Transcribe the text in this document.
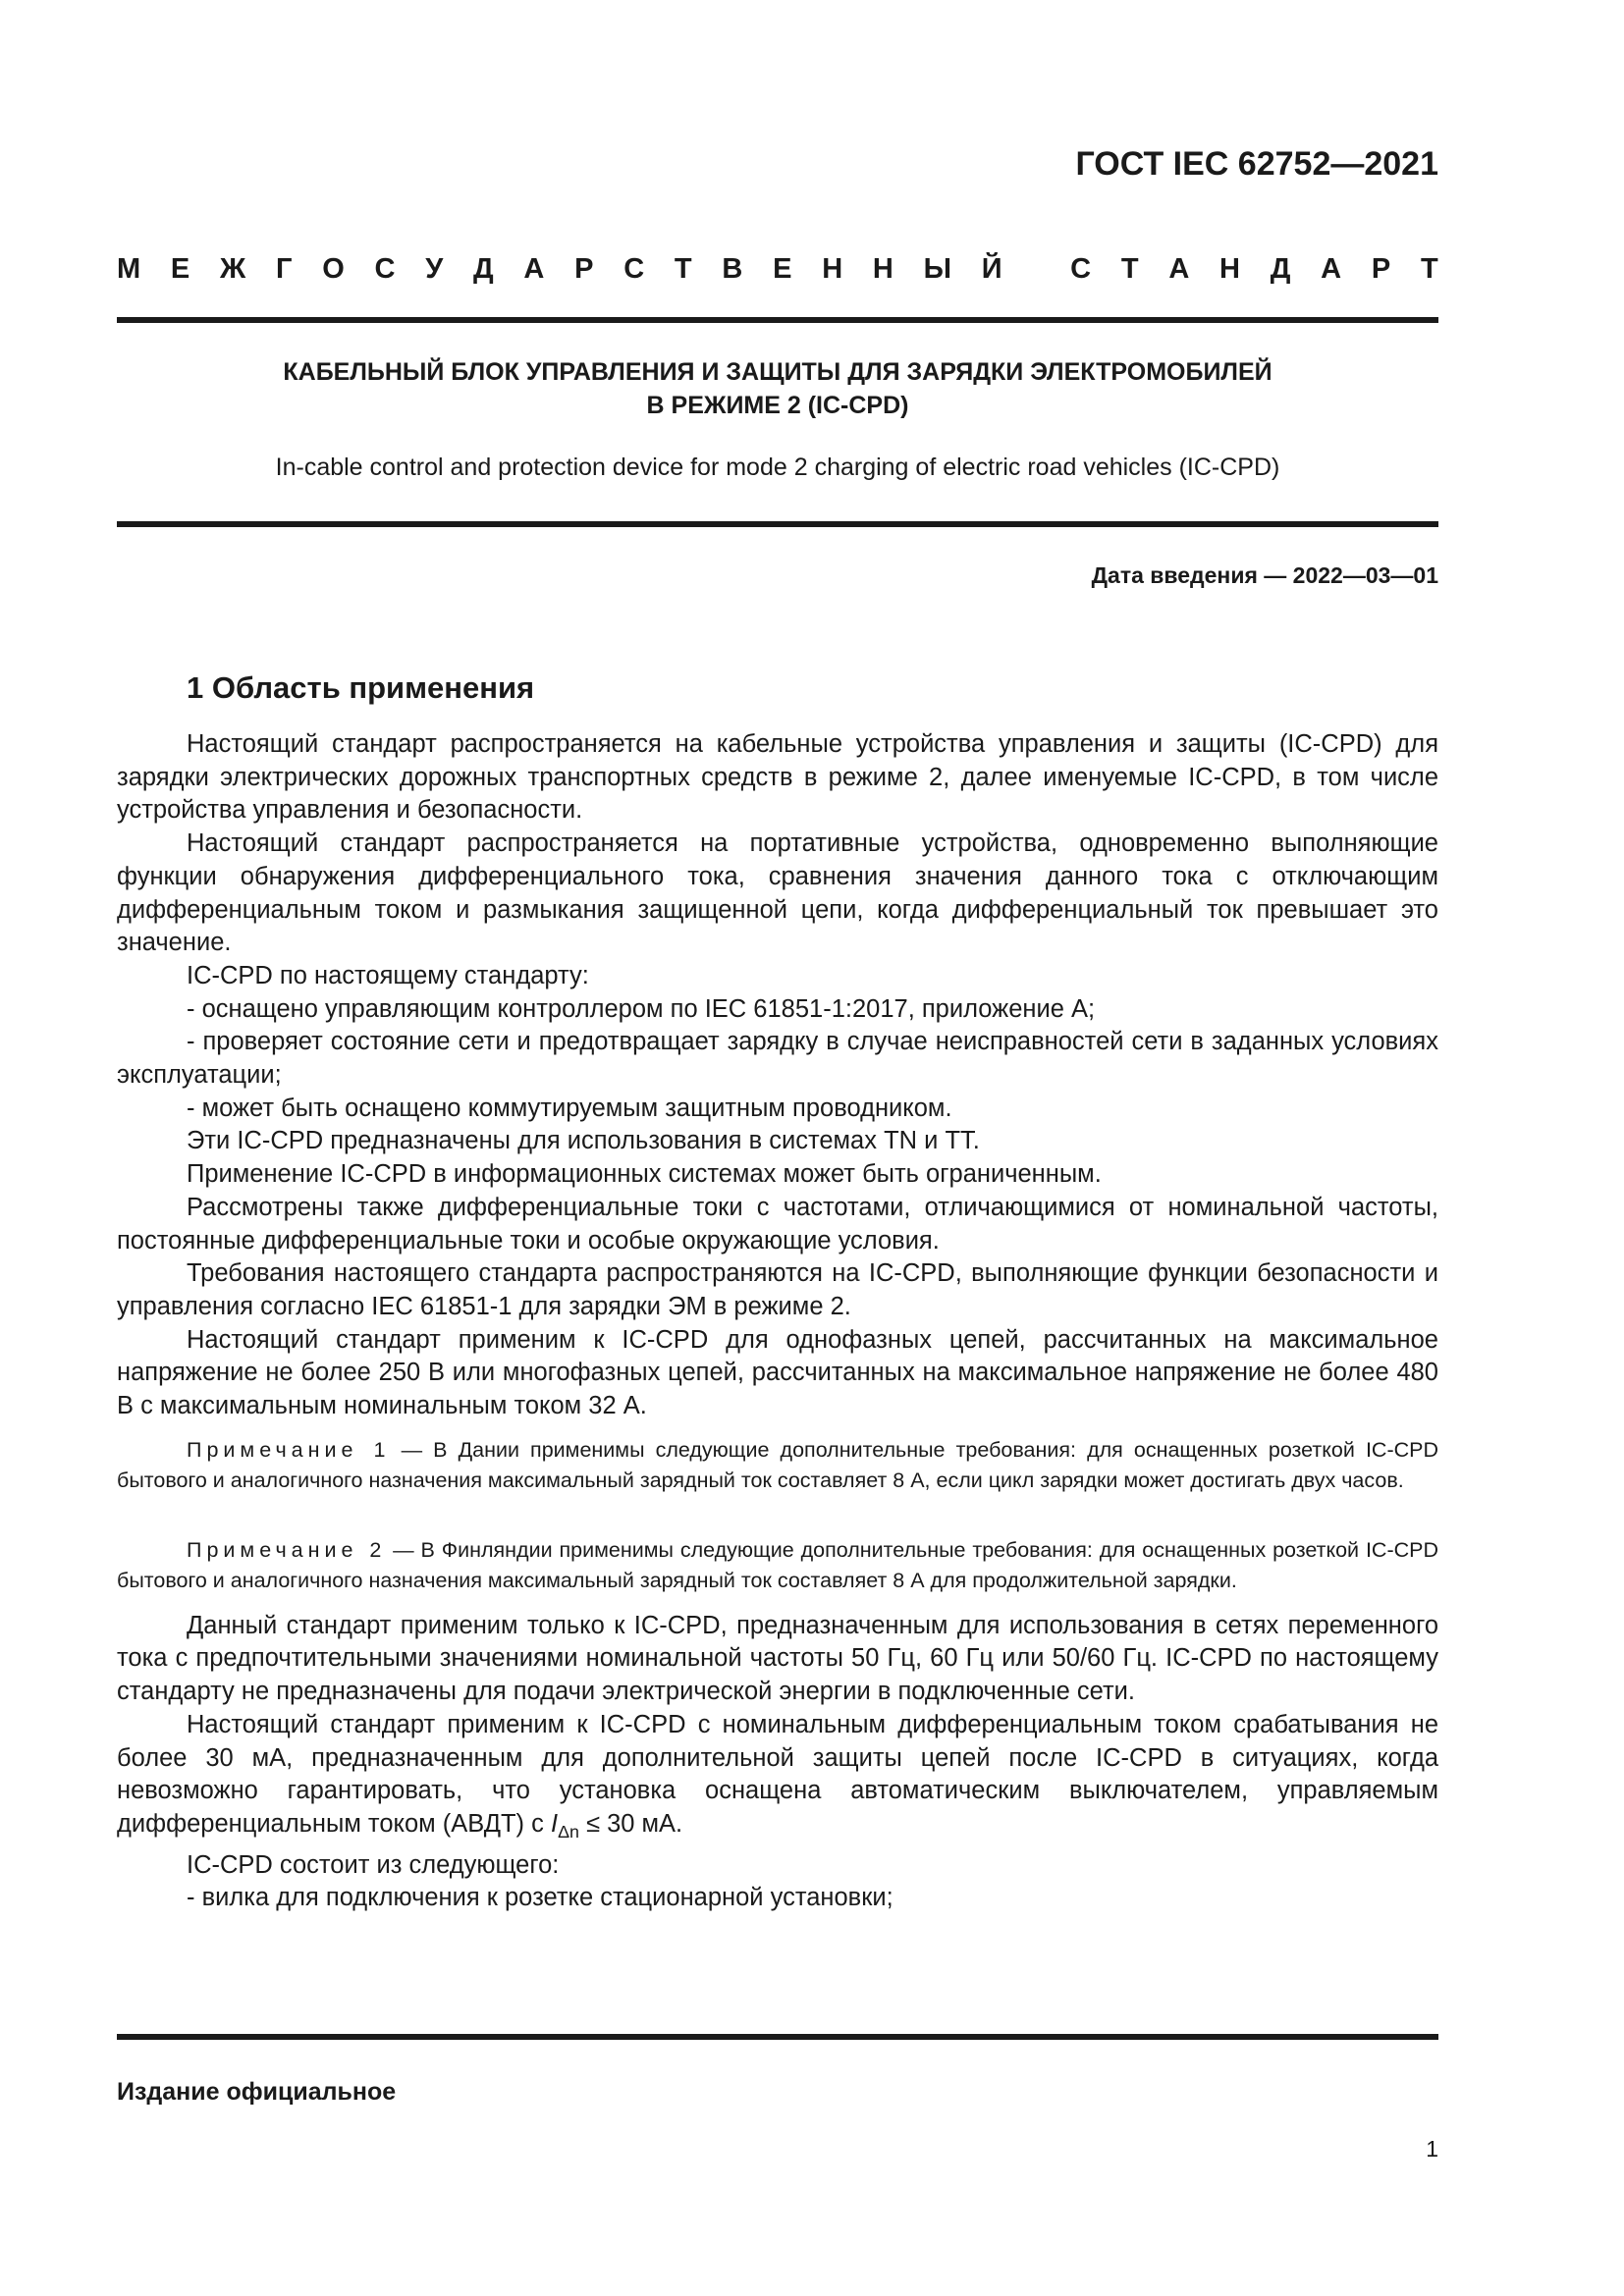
ГОСТ IEC 62752—2021
М Е Ж Г О С У Д А Р С Т В Е Н Н Ы Й
С Т А Н Д А Р Т
КАБЕЛЬНЫЙ БЛОК УПРАВЛЕНИЯ И ЗАЩИТЫ ДЛЯ ЗАРЯДКИ ЭЛЕКТРОМОБИЛЕЙ
В РЕЖИМЕ 2 (IC-CPD)
In-cable control and protection device for mode 2 charging of electric road vehicles (IC-CPD)
Дата введения — 2022—03—01
1 Область применения

Настоящий стандарт распространяется на кабельные устройства управления и защиты (IC-CPD) для зарядки электрических дорожных транспортных средств в режиме 2, далее именуемые IC-CPD, в том числе устройства управления и безопасности.

Настоящий стандарт распространяется на портативные устройства, одновременно выполняющие функции обнаружения дифференциального тока, сравнения значения данного тока с отключающим дифференциальным током и размыкания защищенной цепи, когда дифференциальный ток превышает это значение.

IC-CPD по настоящему стандарту:

- оснащено управляющим контроллером по IEC 61851-1:2017, приложение А;

- проверяет состояние сети и предотвращает зарядку в случае неисправностей сети в заданных условиях эксплуатации;

- может быть оснащено коммутируемым защитным проводником.

Эти IC-CPD предназначены для использования в системах TN и TT.

Применение IC-CPD в информационных системах может быть ограниченным.

Рассмотрены также дифференциальные токи с частотами, отличающимися от номинальной частоты, постоянные дифференциальные токи и особые окружающие условия.

Требования настоящего стандарта распространяются на IC-CPD, выполняющие функции безопасности и управления согласно IEC 61851-1 для зарядки ЭМ в режиме 2.

Настоящий стандарт применим к IC-CPD для однофазных цепей, рассчитанных на максимальное напряжение не более 250 В или многофазных цепей, рассчитанных на максимальное напряжение не более 480 В с максимальным номинальным током 32 А.

Примечание 1 — В Дании применимы следующие дополнительные требования: для оснащенных розеткой IC-CPD бытового и аналогичного назначения максимальный зарядный ток составляет 8 А, если цикл зарядки может достигать двух часов.

Примечание 2 — В Финляндии применимы следующие дополнительные требования: для оснащенных розеткой IC-CPD бытового и аналогичного назначения максимальный зарядный ток составляет 8 А для продолжительной зарядки.

Данный стандарт применим только к IC-CPD, предназначенным для использования в сетях переменного тока с предпочтительными значениями номинальной частоты 50 Гц, 60 Гц или 50/60 Гц. IC-CPD по настоящему стандарту не предназначены для подачи электрической энергии в подключенные сети.

Настоящий стандарт применим к IC-CPD с номинальным дифференциальным током срабатывания не более 30 мА, предназначенным для дополнительной защиты цепей после IC-CPD в ситуациях, когда невозможно гарантировать, что установка оснащена автоматическим выключателем, управляемым дифференциальным током (АВДТ) с $I_{\Delta n} \le 30$ мА.

IC-CPD состоит из следующего:

- вилка для подключения к розетке стационарной установки;

Издание официальное
1
